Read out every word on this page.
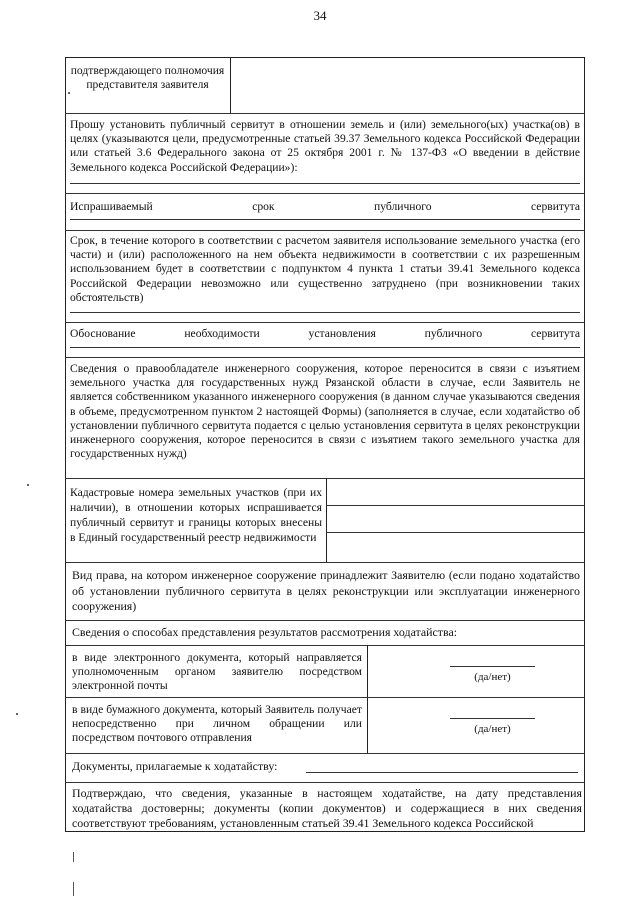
34
подтверждающего полномочия представителя заявителя
Прошу установить публичный сервитут в отношении земель и (или) земельного(ых) участка(ов) в целях (указываются цели, предусмотренные статьей 39.37 Земельного кодекса Российской Федерации или статьей 3.6 Федерального закона от 25 октября 2001 г. № 137-ФЗ «О введении в действие Земельного кодекса Российской Федерации»):
Испрашиваемый срок публичного сервитута
Срок, в течение которого в соответствии с расчетом заявителя использование земельного участка (его части) и (или) расположенного на нем объекта недвижимости в соответствии с их разрешенным использованием будет в соответствии с подпунктом 4 пункта 1 статьи 39.41 Земельного кодекса Российской Федерации невозможно или существенно затруднено (при возникновении таких обстоятельств)
Обоснование необходимости установления публичного сервитута
Сведения о правообладателе инженерного сооружения, которое переносится в связи с изъятием земельного участка для государственных нужд Рязанской области в случае, если Заявитель не является собственником указанного инженерного сооружения (в данном случае указываются сведения в объеме, предусмотренном пунктом 2 настоящей Формы) (заполняется в случае, если ходатайство об установлении публичного сервитута подается с целью установления сервитута в целях реконструкции инженерного сооружения, которое переносится в связи с изъятием такого земельного участка для государственных нужд)
Кадастровые номера земельных участков (при их наличии), в отношении которых испрашивается публичный сервитут и границы которых внесены в Единый государственный реестр недвижимости
Вид права, на котором инженерное сооружение принадлежит Заявителю (если подано ходатайство об установлении публичного сервитута в целях реконструкции или эксплуатации инженерного сооружения)
Сведения о способах представления результатов рассмотрения ходатайства:
в виде электронного документа, который направляется уполномоченным органом заявителю посредством электронной почты
(да/нет)
в виде бумажного документа, который Заявитель получает непосредственно при личном обращении или посредством почтового отправления
(да/нет)
Документы, прилагаемые к ходатайству:
Подтверждаю, что сведения, указанные в настоящем ходатайстве, на дату представления ходатайства достоверны; документы (копии документов) и содержащиеся в них сведения соответствуют требованиям, установленным статьей 39.41 Земельного кодекса Российской
